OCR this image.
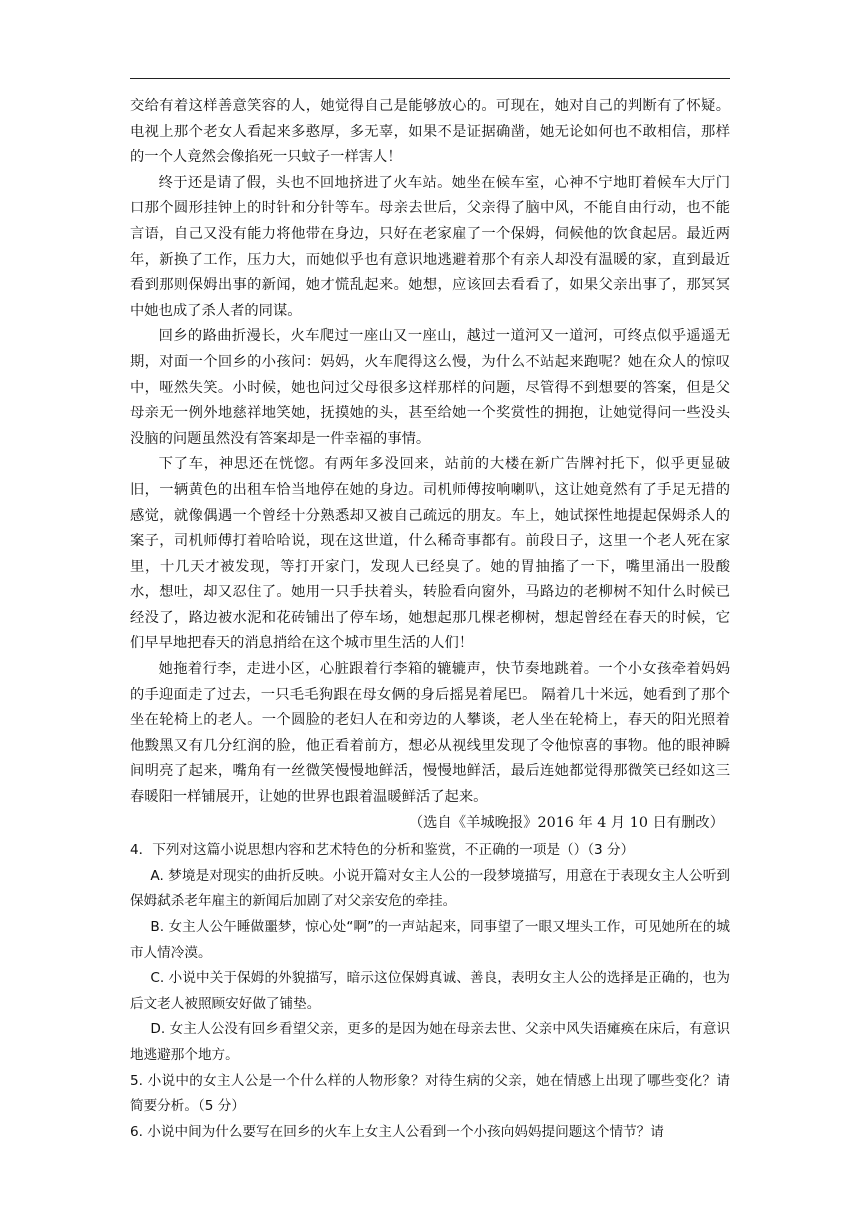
交给有着这样善意笑容的人，她觉得自己是能够放心的。可现在，她对自己的判断有了怀疑。电视上那个老女人看起来多憨厚，多无辜，如果不是证据确凿，她无论如何也不敢相信，那样的一个人竟然会像掐死一只蚊子一样害人！

终于还是请了假，头也不回地挤进了火车站。她坐在候车室，心神不宁地盯着候车大厅门口那个圆形挂钟上的时针和分针等车。母亲去世后，父亲得了脑中风，不能自由行动，也不能言语，自己又没有能力将他带在身边，只好在老家雇了一个保姆，伺候他的饮食起居。最近两年，新换了工作，压力大，而她似乎也有意识地逃避着那个有亲人却没有温暖的家，直到最近看到那则保姆出事的新闻，她才慌乱起来。她想，应该回去看看了，如果父亲出事了，那冥冥中她也成了杀人者的同谋。

回乡的路曲折漫长，火车爬过一座山又一座山，越过一道河又一道河，可终点似乎遥遥无期，对面一个回乡的小孩问：妈妈，火车爬得这么慢，为什么不站起来跑呢？她在众人的惊叹中，哑然失笑。小时候，她也问过父母很多这样那样的问题，尽管得不到想要的答案，但是父母亲无一例外地慈祥地笑她，抚摸她的头，甚至给她一个奖赏性的拥抱，让她觉得问一些没头没脑的问题虽然没有答案却是一件幸福的事情。

下了车，神思还在恍惚。有两年多没回来，站前的大楼在新广告牌衬托下，似乎更显破旧，一辆黄色的出租车恰当地停在她的身边。司机师傅按响喇叭，这让她竟然有了手足无措的感觉，就像偶遇一个曾经十分熟悉却又被自己疏远的朋友。车上，她试探性地提起保姆杀人的案子，司机师傅打着哈哈说，现在这世道，什么稀奇事都有。前段日子，这里一个老人死在家里，十几天才被发现，等打开家门，发现人已经臭了。她的胃抽搐了一下，嘴里涌出一股酸水，想吐，却又忍住了。她用一只手扶着头，转脸看向窗外，马路边的老柳树不知什么时候已经没了，路边被水泥和花砖铺出了停车场，她想起那几棵老柳树，想起曾经在春天的时候，它们早早地把春天的消息捎给在这个城市里生活的人们！

她拖着行李，走进小区，心脏跟着行李箱的辘辘声，快节奏地跳着。一个小女孩牵着妈妈的手迎面走了过去，一只毛毛狗跟在母女俩的身后摇晃着尾巴。 隔着几十米远，她看到了那个坐在轮椅上的老人。一个圆脸的老妇人在和旁边的人攀谈，老人坐在轮椅上，春天的阳光照着他黢黑又有几分红润的脸，他正看着前方，想必从视线里发现了令他惊喜的事物。他的眼神瞬间明亮了起来，嘴角有一丝微笑慢慢地鲜活，慢慢地鲜活，最后连她都觉得那微笑已经如这三春暖阳一样铺展开，让她的世界也跟着温暖鲜活了起来。

（选自《羊城晚报》2016 年 4 月 10 日有删改）

4．下列对这篇小说思想内容和艺术特色的分析和鉴赏，不正确的一项是（）（3 分）

A. 梦境是对现实的曲折反映。小说开篇对女主人公的一段梦境描写，用意在于表现女主人公听到保姆弑杀老年雇主的新闻后加剧了对父亲安危的牵挂。

B. 女主人公午睡做噩梦，惊心处“啊”的一声站起来，同事望了一眼又埋头工作，可见她所在的城市人情冷漠。

C. 小说中关于保姆的外貌描写，暗示这位保姆真诚、善良，表明女主人公的选择是正确的，也为后文老人被照顾安好做了铺垫。

D. 女主人公没有回乡看望父亲，更多的是因为她在母亲去世、父亲中风失语瘫痪在床后，有意识地逃避那个地方。

5. 小说中的女主人公是一个什么样的人物形象？对待生病的父亲，她在情感上出现了哪些变化？请简要分析。（5 分）

6. 小说中间为什么要写在回乡的火车上女主人公看到一个小孩向妈妈提问题这个情节？请
